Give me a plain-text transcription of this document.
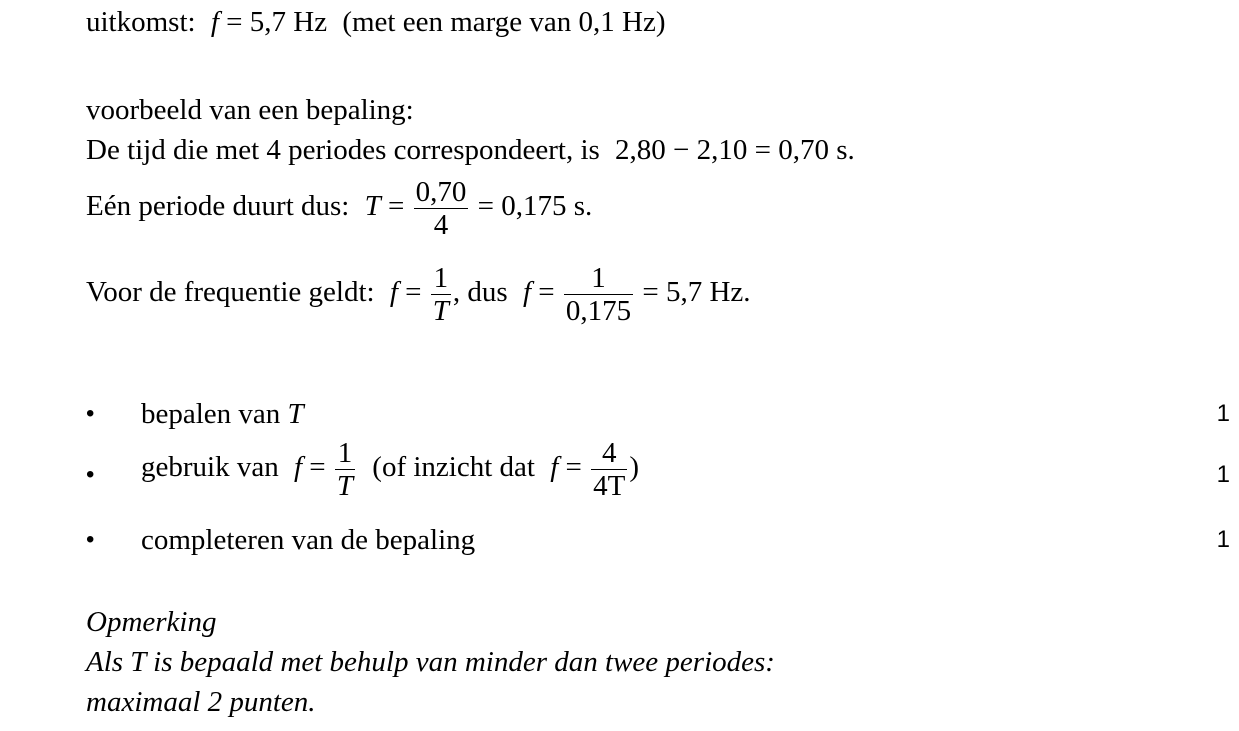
uitkomst: f = 5,7 Hz (met een marge van 0,1 Hz)
voorbeeld van een bepaling:
De tijd die met 4 periodes correspondeert, is 2,80 − 2,10 = 0,70 s.
Eén periode duurt dus: $T = \frac{0,70}{4} = 0,175$ s.
Voor de frequentie geldt: $f = \frac{1}{T}$ , dus $f = \frac{1}{0,175} = 5,7$ Hz.
• bepalen van T	1
• gebruik van $f = \frac{1}{T} (of$ inzicht dat $f = \frac{4}{4T}$ )	1
• completeren van de bepaling	1
Opmerking
Als T is bepaald met behulp van minder dan twee periodes:
maximaal 2 punten.
